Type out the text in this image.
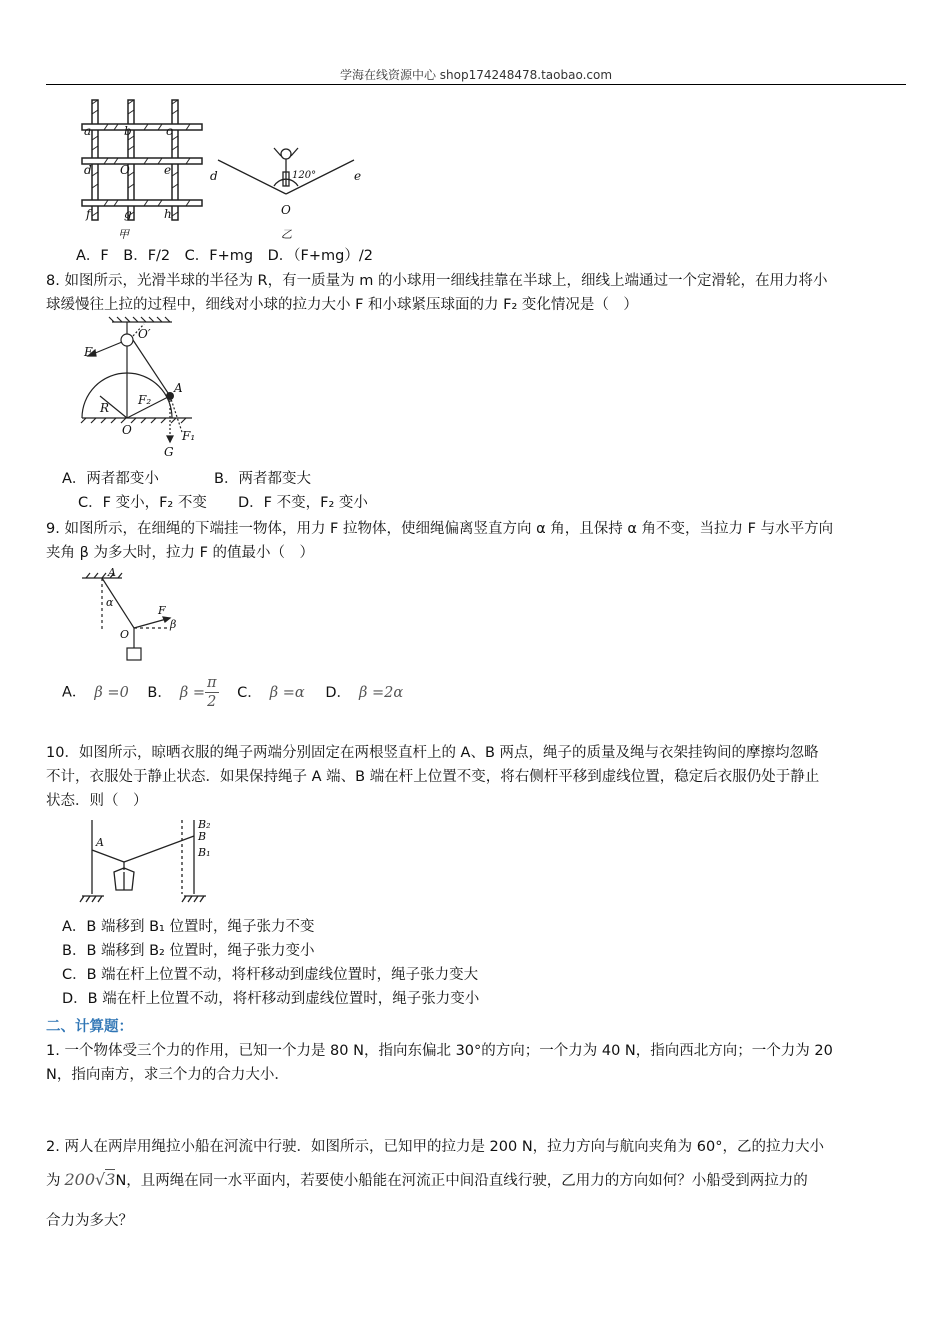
学海在线资源中心 shop174248478.taobao.com
a	b	c
d O	e
f	g	h
甲
120°
d	e
O
乙
A．F　B．F/2　C．F+mg　D．（F+mg）/2
8. 如图所示，光滑半球的半径为 R，有一质量为 m 的小球用一细线挂靠在半球上，细线上端通过一个定滑轮，在用力将小
球缓慢往上拉的过程中，细线对小球的拉力大小 F 和小球紧压球面的力 F₂ 变化情况是（　）
O′
F
A
R
F₂
O	F₁
G
A．两者都变小	B．两者都变大
C．F 变小，F₂ 不变 D．F 不变，F₂ 变小
9. 如图所示，在细绳的下端挂一物体，用力 F 拉物体，使细绳偏离竖直方向 α 角，且保持 α 角不变，当拉力 F 与水平方向
夹角 β 为多大时，拉力 F 的值最小（　）
A
α
O
F
β
A． β =0 B． $\beta = \frac{\pi}{2}$ C． β =α D． β =2α
10．如图所示，晾晒衣服的绳子两端分别固定在两根竖直杆上的 A、B 两点，绳子的质量及绳与衣架挂钩间的摩擦均忽略
不计，衣服处于静止状态．如果保持绳子 A 端、B 端在杆上位置不变，将右侧杆平移到虚线位置，稳定后衣服仍处于静止
状态．则（　）
A
B₂
B
B₁
A．B 端移到 B₁ 位置时，绳子张力不变
B．B 端移到 B₂ 位置时，绳子张力变小
C．B 端在杆上位置不动，将杆移动到虚线位置时，绳子张力变大
D．B 端在杆上位置不动，将杆移动到虚线位置时，绳子张力变小
二、计算题：
1. 一个物体受三个力的作用，已知一个力是 80 N，指向东偏北 30°的方向；一个力为 40 N，指向西北方向；一个力为 20
N，指向南方，求三个力的合力大小．
2. 两人在两岸用绳拉小船在河流中行驶．如图所示，已知甲的拉力是 200 N，拉力方向与航向夹角为 60°，乙的拉力大小
为 200√3N，且两绳在同一水平面内，若要使小船能在河流正中间沿直线行驶，乙用力的方向如何？小船受到两拉力的
合力为多大？
